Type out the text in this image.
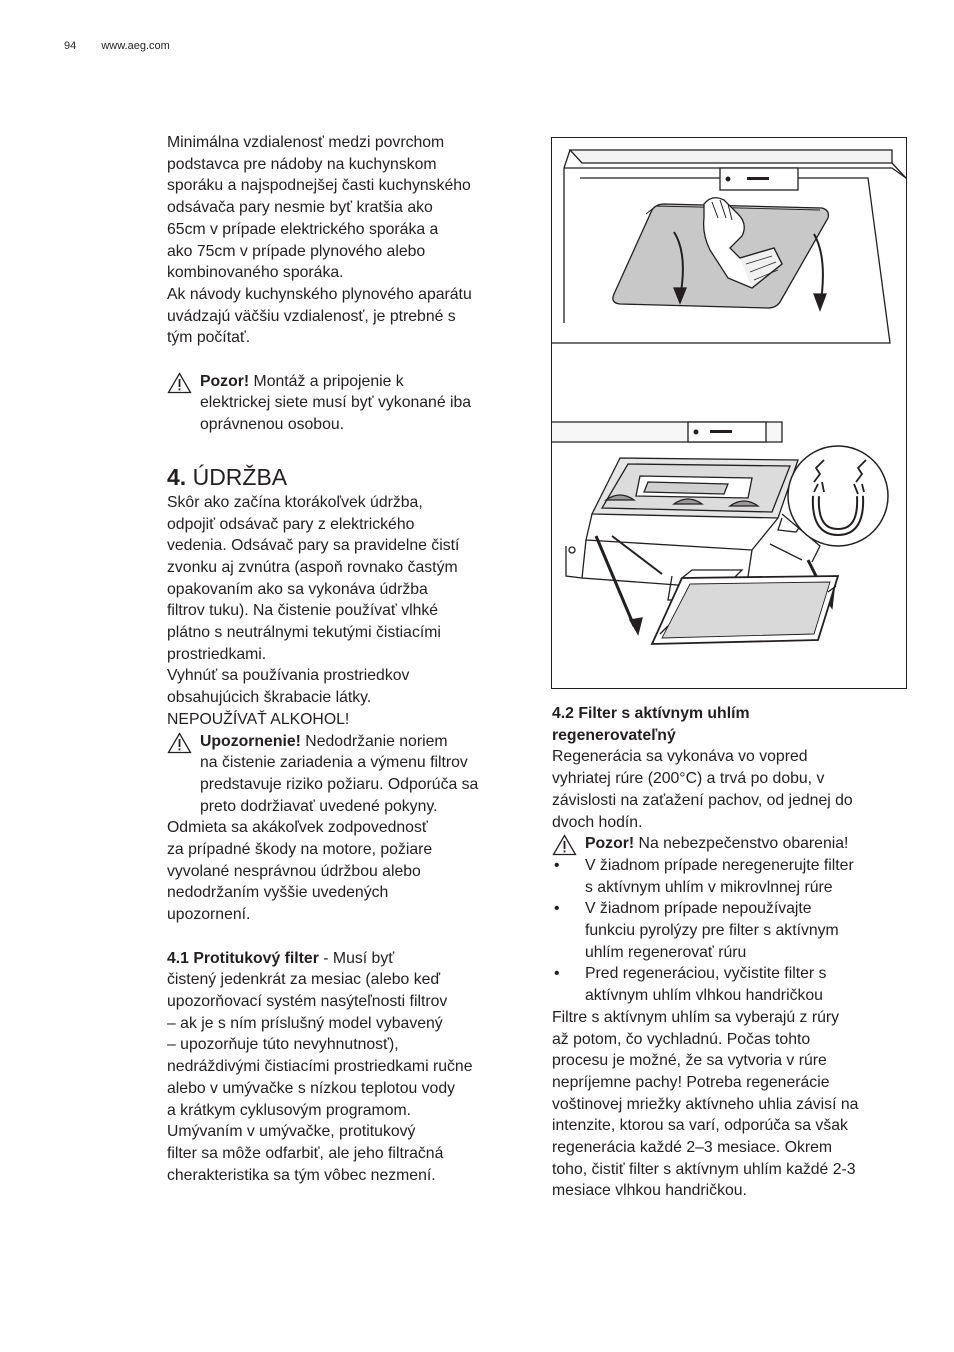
94 www.aeg.com

Minimálna vzdialenosť medzi povrchom

podstavca pre nádoby na kuchynskom

sporáku a najspodnejšej časti kuchynského

odsávača pary nesmie byť kratšia ako

65cm v prípade elektrického sporáka a

ako 75cm v prípade plynového alebo

kombinovaného sporáka.

Ak návody kuchynského plynového aparátu

uvádzajú väčšiu vzdialenosť, je ptrebné s

tým počítať.

Pozor! Montáž a pripojenie k

elektrickej siete musí byť vykonané iba

oprávnenou osobou.

4. ÚDRŽBA

Skôr ako začína ktorákoľvek údržba,

odpojiť odsávač pary z elektrického

vedenia. Odsávač pary sa pravidelne čistí

zvonku aj zvnútra (aspoň rovnako častým

opakovaním ako sa vykonáva údržba

filtrov tuku). Na čistenie používať vlhké

plátno s neutrálnymi tekutými čistiacími

prostriedkami.

Vyhnúť sa používania prostriedkov

obsahujúcich škrabacie látky.

NEPOUŽÍVAŤ ALKOHOL!

Upozornenie! Nedodržanie noriem

na čistenie zariadenia a výmenu filtrov

predstavuje riziko požiaru. Odporúča sa

preto dodržiavať uvedené pokyny.

Odmieta sa akákoľvek zodpovednosť

za prípadné škody na motore, požiare

vyvolané nesprávnou údržbou alebo

nedodržaním vyššie uvedených

upozornení.

4.1 Protitukový filter - Musí byť

čistený jedenkrát za mesiac (alebo keď

upozorňovací systém nasýteľnosti filtrov

– ak je s ním príslušný model vybavený

– upozorňuje túto nevyhnutnosť),

nedráždivými čistiacími prostriedkami ručne

alebo v umývačke s nízkou teplotou vody

a krátkym cyklusovým programom.

Umývaním v umývačke, protitukový

filter sa môže odfarbiť, ale jeho filtračná

cherakteristika sa tým vôbec nezmení.

4.2 Filter s aktívnym uhlím

regenerovateľný

Regenerácia sa vykonáva vo vopred

vyhriatej rúre (200°C) a trvá po dobu, v

závislosti na zaťažení pachov, od jednej do

dvoch hodín.

Pozor! Na nebezpečenstvo obarenia!

• V žiadnom prípade neregenerujte filter

s aktívnym uhlím v mikrovlnnej rúre

• V žiadnom prípade nepoužívajte

funkciu pyrolýzy pre filter s aktívnym

uhlím regenerovať rúru

• Pred regeneráciou, vyčistite filter s

aktívnym uhlím vlhkou handričkou

Filtre s aktívnym uhlím sa vyberajú z rúry

až potom, čo vychladnú. Počas tohto

procesu je možné, že sa vytvoria v rúre

nepríjemne pachy! Potreba regenerácie

voštinovej mriežky aktívneho uhlia závisí na

intenzite, ktorou sa varí, odporúča sa však

regenerácia každé 2–3 mesiace. Okrem

toho, čistiť filter s aktívnym uhlím každé 2-3

mesiace vlhkou handričkou.
